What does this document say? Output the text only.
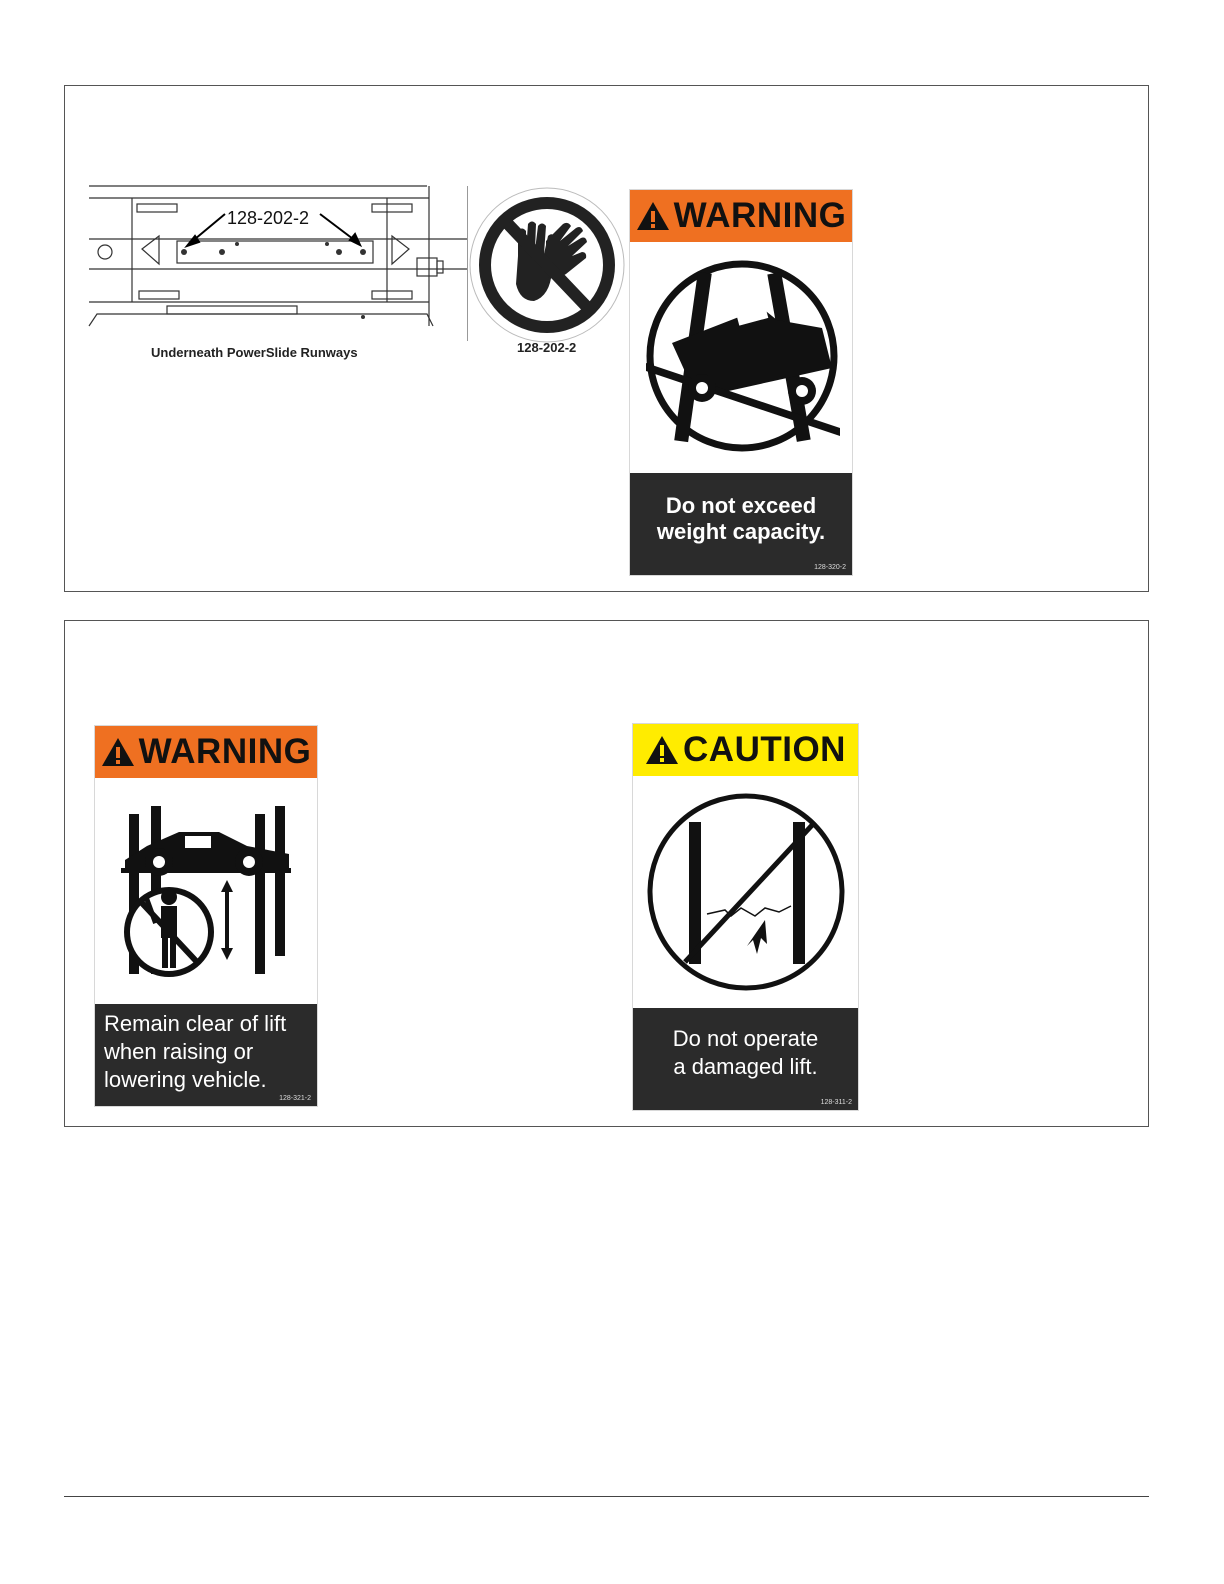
128-202-2
Underneath PowerSlide Runways	128-202-2
WARNING
Do not exceed
weight capacity.
128-320-2
WARNING
Remain clear of lift
when raising or
lowering vehicle.
128-321-2
CAUTION
Do not operate
a damaged lift.
128-311-2
